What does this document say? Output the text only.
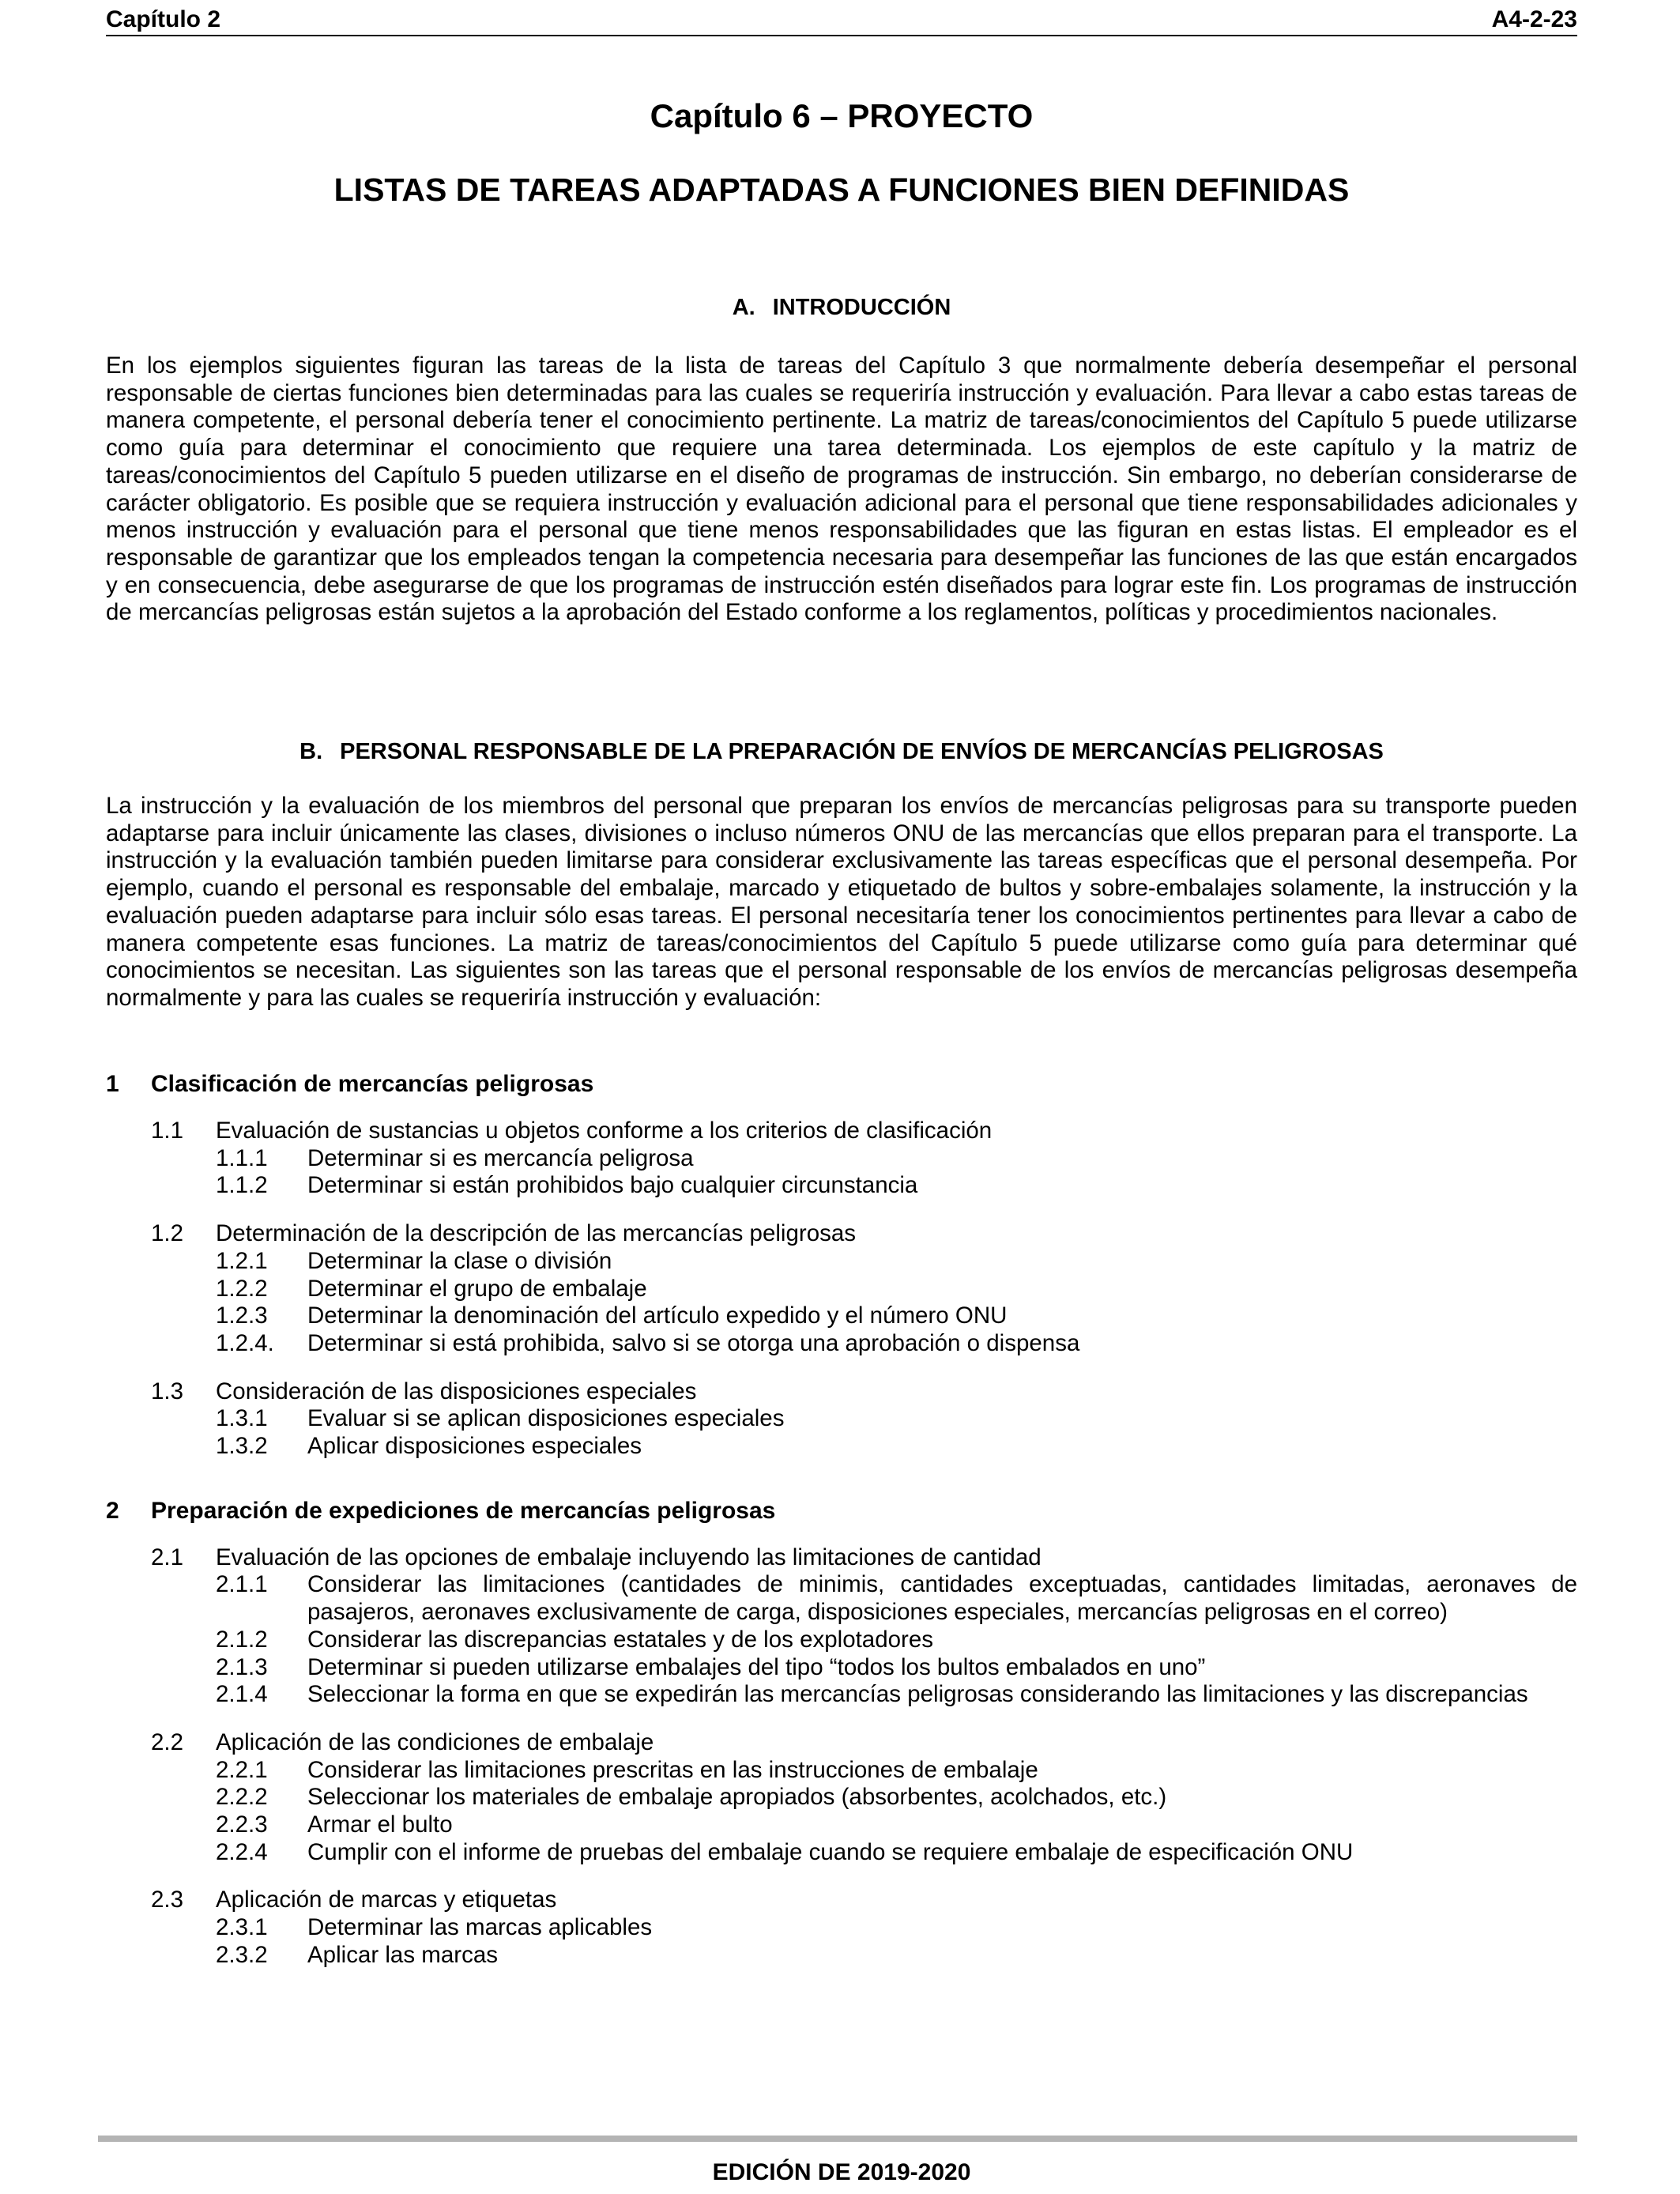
Capítulo 2	A4-2-23
Capítulo 6 – PROYECTO
LISTAS DE TAREAS ADAPTADAS A FUNCIONES BIEN DEFINIDAS
A. INTRODUCCIÓN

En los ejemplos siguientes figuran las tareas de la lista de tareas del Capítulo 3 que normalmente debería desempeñar el personal responsable de ciertas funciones bien determinadas para las cuales se requeriría instrucción y evaluación. Para llevar a cabo estas tareas de manera competente, el personal debería tener el conocimiento pertinente. La matriz de tareas/conocimientos del Capítulo 5 puede utilizarse como guía para determinar el conocimiento que requiere una tarea determinada. Los ejemplos de este capítulo y la matriz de tareas/conocimientos del Capítulo 5 pueden utilizarse en el diseño de programas de instrucción. Sin embargo, no deberían considerarse de carácter obligatorio. Es posible que se requiera instrucción y evaluación adicional para el personal que tiene responsabilidades adicionales y menos instrucción y evaluación para el personal que tiene menos responsabilidades que las figuran en estas listas. El empleador es el responsable de garantizar que los empleados tengan la competencia necesaria para desempeñar las funciones de las que están encargados y en consecuencia, debe asegurarse de que los programas de instrucción estén diseñados para lograr este fin. Los programas de instrucción de mercancías peligrosas están sujetos a la aprobación del Estado conforme a los reglamentos, políticas y procedimientos nacionales.

B. PERSONAL RESPONSABLE DE LA PREPARACIÓN DE ENVÍOS DE MERCANCÍAS PELIGROSAS

La instrucción y la evaluación de los miembros del personal que preparan los envíos de mercancías peligrosas para su transporte pueden adaptarse para incluir únicamente las clases, divisiones o incluso números ONU de las mercancías que ellos preparan para el transporte. La instrucción y la evaluación también pueden limitarse para considerar exclusivamente las tareas específicas que el personal desempeña. Por ejemplo, cuando el personal es responsable del embalaje, marcado y etiquetado de bultos y sobre-embalajes solamente, la instrucción y la evaluación pueden adaptarse para incluir sólo esas tareas. El personal necesitaría tener los conocimientos pertinentes para llevar a cabo de manera competente esas funciones. La matriz de tareas/conocimientos del Capítulo 5 puede utilizarse como guía para determinar qué conocimientos se necesitan. Las siguientes son las tareas que el personal responsable de los envíos de mercancías peligrosas desempeña normalmente y para las cuales se requeriría instrucción y evaluación:

1	Clasificación de mercancías peligrosas
1.1	Evaluación de sustancias u objetos conforme a los criterios de clasificación
1.1.1	Determinar si es mercancía peligrosa
1.1.2	Determinar si están prohibidos bajo cualquier circunstancia
1.2	Determinación de la descripción de las mercancías peligrosas
1.2.1	Determinar la clase o división
1.2.2	Determinar el grupo de embalaje
1.2.3	Determinar la denominación del artículo expedido y el número ONU
1.2.4.	Determinar si está prohibida, salvo si se otorga una aprobación o dispensa
1.3	Consideración de las disposiciones especiales
1.3.1	Evaluar si se aplican disposiciones especiales
1.3.2	Aplicar disposiciones especiales
2	Preparación de expediciones de mercancías peligrosas
2.1	Evaluación de las opciones de embalaje incluyendo las limitaciones de cantidad
2.1.1	Considerar las limitaciones (cantidades de minimis, cantidades exceptuadas, cantidades limitadas, aeronaves de pasajeros, aeronaves exclusivamente de carga, disposiciones especiales, mercancías peligrosas en el correo)
2.1.2	Considerar las discrepancias estatales y de los explotadores
2.1.3	Determinar si pueden utilizarse embalajes del tipo “todos los bultos embalados en uno”
2.1.4	Seleccionar la forma en que se expedirán las mercancías peligrosas considerando las limitaciones y las discrepancias
2.2	Aplicación de las condiciones de embalaje
2.2.1	Considerar las limitaciones prescritas en las instrucciones de embalaje
2.2.2	Seleccionar los materiales de embalaje apropiados (absorbentes, acolchados, etc.)
2.2.3	Armar el bulto
2.2.4	Cumplir con el informe de pruebas del embalaje cuando se requiere embalaje de especificación ONU
2.3	Aplicación de marcas y etiquetas
2.3.1	Determinar las marcas aplicables
2.3.2	Aplicar las marcas
EDICIÓN DE 2019-2020
